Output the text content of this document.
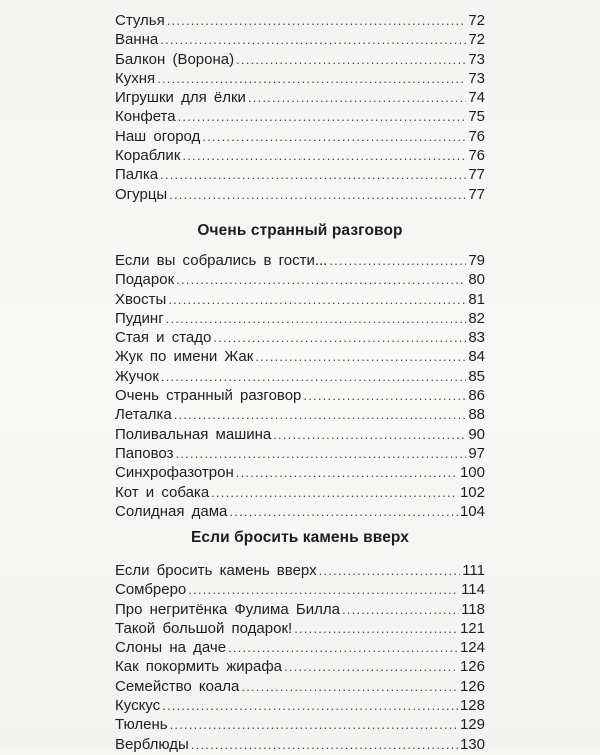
Стулья .....	72
Ванна .....	72
Балкон (Ворона) .....	73
Кухня .....	73
Игрушки для ёлки .....	74
Конфета .....	75
Наш огород .....	76
Кораблик .....	76
Палка .....	77
Огурцы .....	77
Очень странный разговор
Если вы собрались в гости... .....	79
Подарок .....	80
Хвосты .....	81
Пудинг .....	82
Стая и стадо .....	83
Жук по имени Жак .....	84
Жучок .....	85
Очень странный разговор .....	86
Леталка .....	88
Поливальная машина .....	90
Паповоз .....	97
Синхрофазотрон .....	100
Кот и собака .....	102
Солидная дама .....	104
Если бросить камень вверх
Если бросить камень вверх .....	111
Сомбреро .....	114
Про негритёнка Фулима Билла .....	118
Такой большой подарок! .....	121
Слоны на даче .....	124
Как покормить жирафа .....	126
Семейство коала .....	126
Кускус .....	128
Тюлень .....	129
Верблюды .....	130
